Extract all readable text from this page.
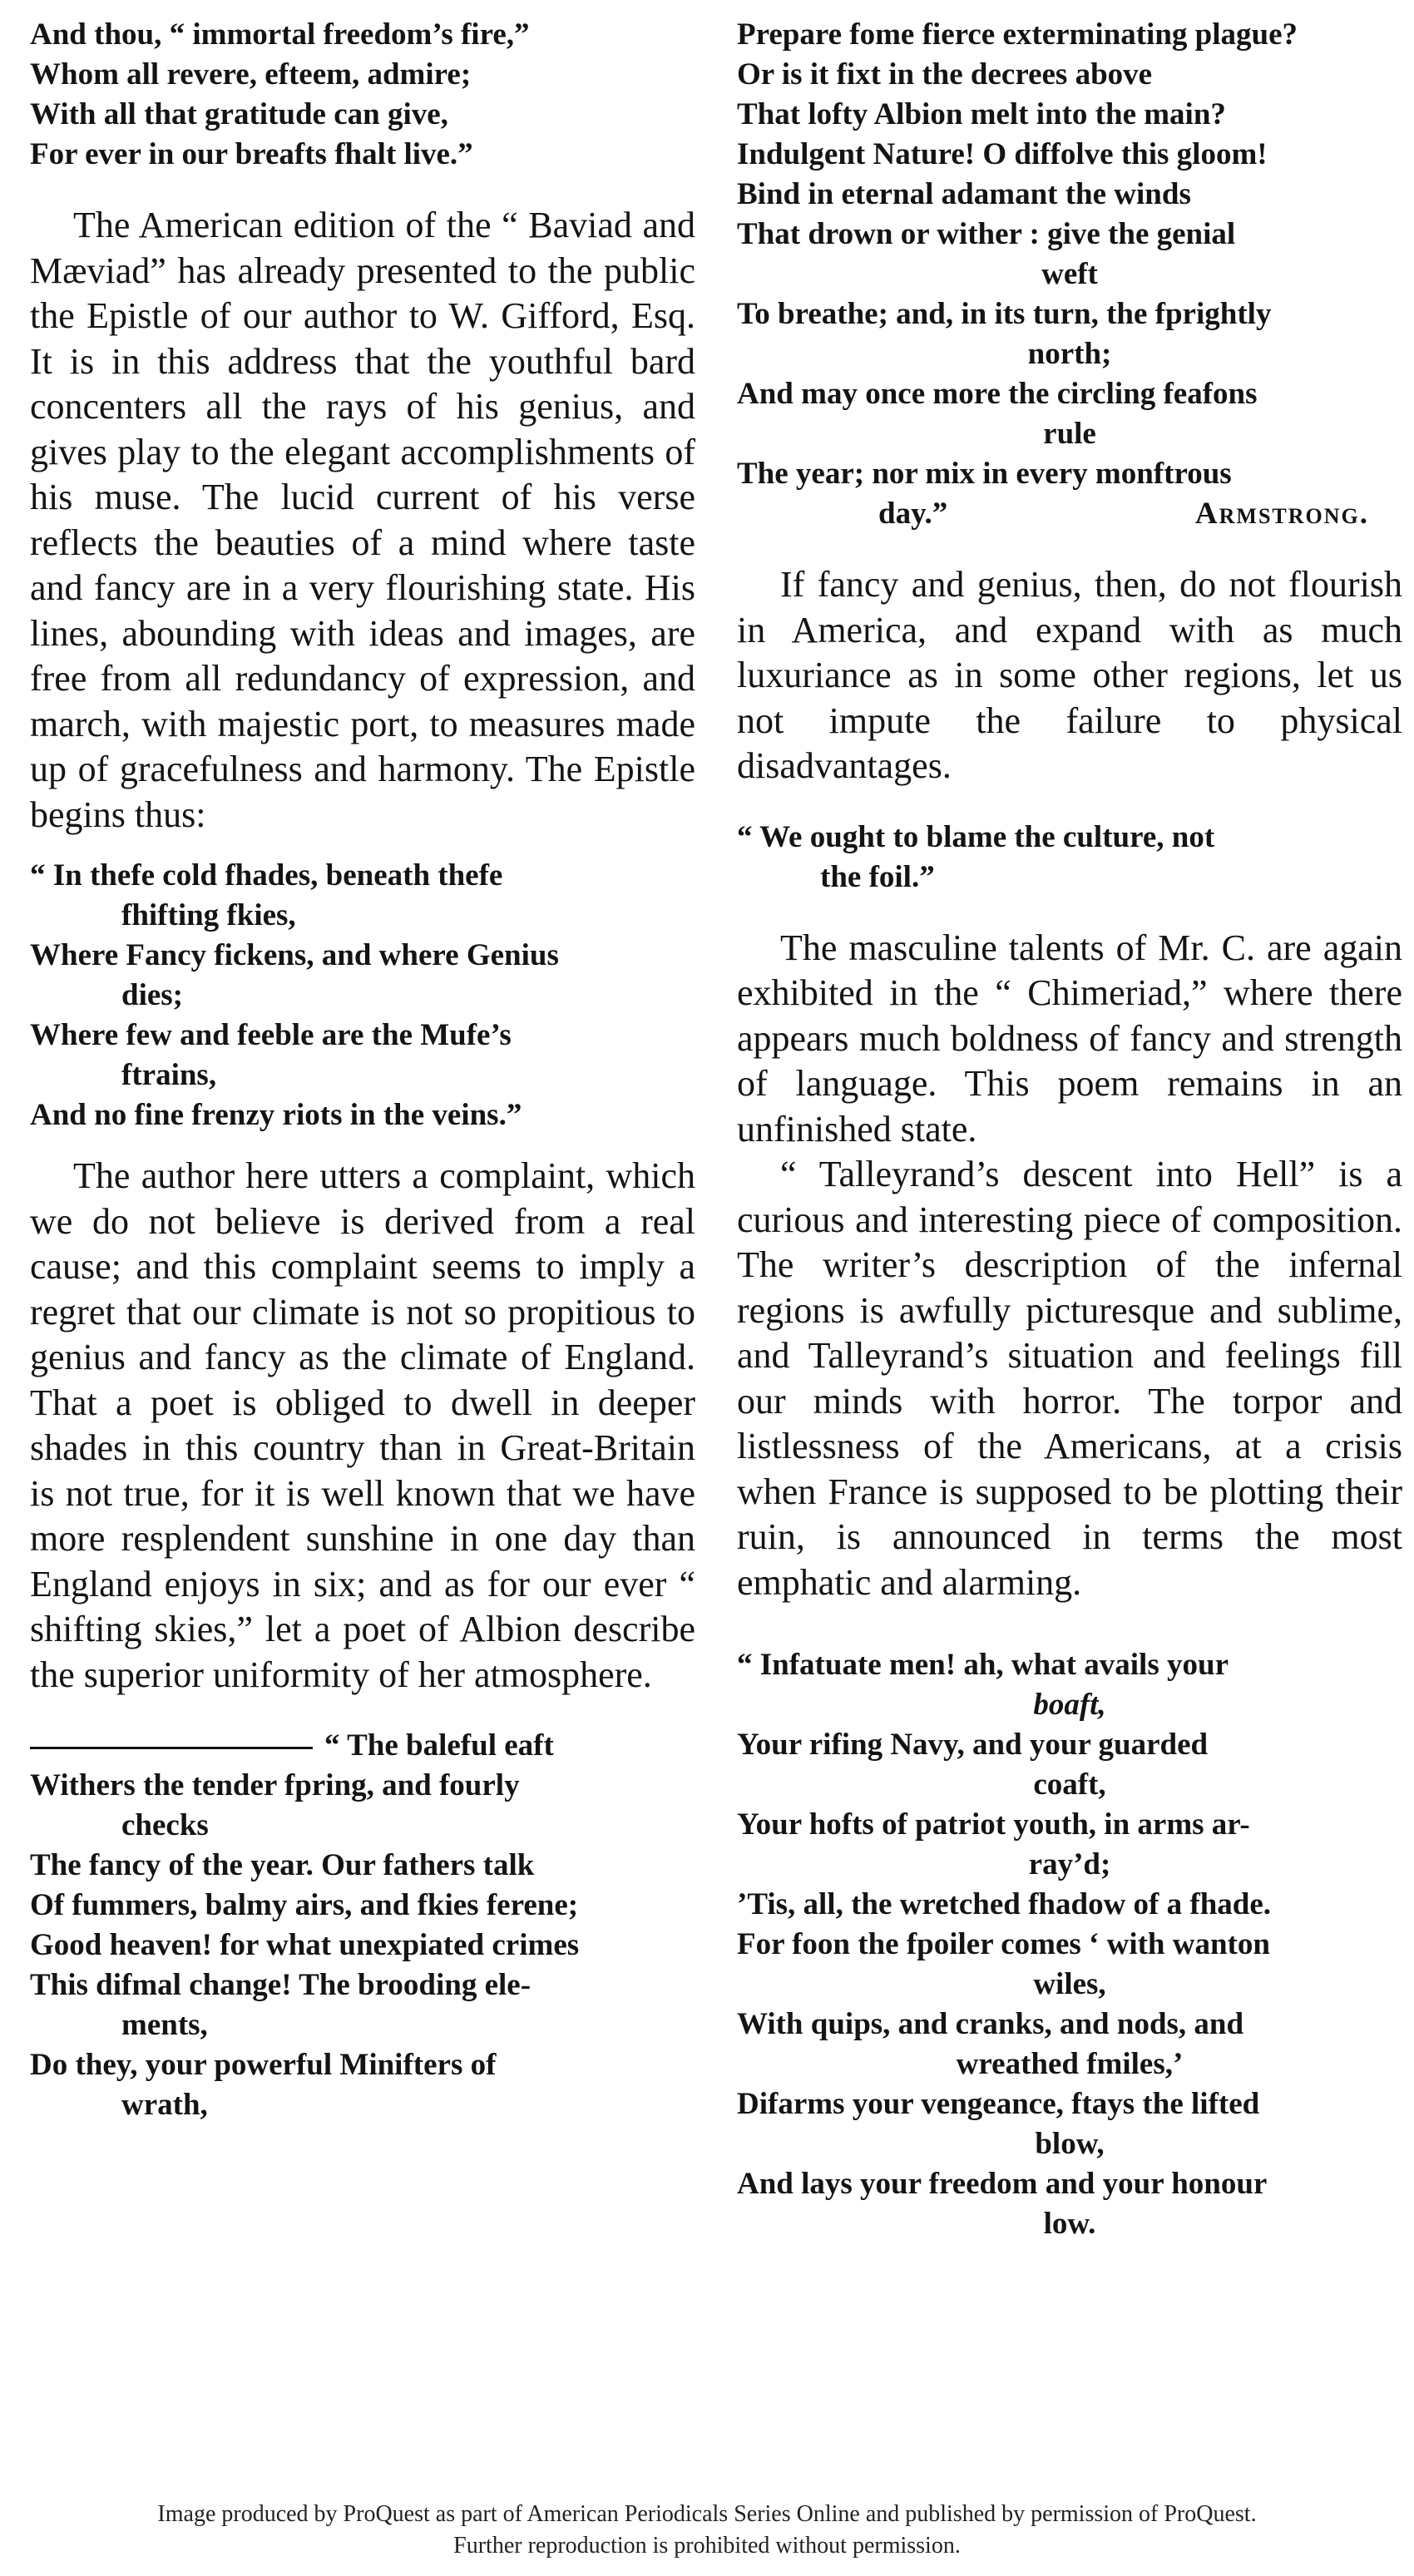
And thou, “ immortal freedom’s fire,”
Whom all revere, efteem, admire;
With all that gratitude can give,
For ever in our breafts fhalt live.”

The American edition of the “ Baviad and Mæviad” has already presented to the public the Epistle of our author to W. Gifford, Esq. It is in this address that the youthful bard concenters all the rays of his genius, and gives play to the elegant accomplishments of his muse. The lucid current of his verse reflects the beauties of a mind where taste and fancy are in a very flourishing state. His lines, abounding with ideas and images, are free from all redundancy of expression, and march, with majestic port, to measures made up of gracefulness and harmony. The Epistle begins thus:

“ In thefe cold fhades, beneath thefe
fhifting fkies,
Where Fancy fickens, and where Genius
dies;
Where few and feeble are the Mufe’s
ftrains,
And no fine frenzy riots in the veins.”

The author here utters a complaint, which we do not believe is derived from a real cause; and this complaint seems to imply a regret that our climate is not so propitious to genius and fancy as the climate of England. That a poet is obliged to dwell in deeper shades in this country than in Great-Britain is not true, for it is well known that we have more resplendent sunshine in one day than England enjoys in six; and as for our ever “ shifting skies,” let a poet of Albion describe the superior uniformity of her atmosphere.

“ The baleful eaft
Withers the tender fpring, and fourly
checks
The fancy of the year. Our fathers talk
Of fummers, balmy airs, and fkies ferene;
Good heaven! for what unexpiated crimes
This difmal change! The brooding ele-
ments,
Do they, your powerful Minifters of
wrath,
Prepare fome fierce exterminating plague?
Or is it fixt in the decrees above
That lofty Albion melt into the main?
Indulgent Nature! O diffolve this gloom!
Bind in eternal adamant the winds
That drown or wither : give the genial
weft
To breathe; and, in its turn, the fprightly
north;
And may once more the circling feafons
rule
The year; nor mix in every monftrous
day.”	Armstrong.

If fancy and genius, then, do not flourish in America, and expand with as much luxuriance as in some other regions, let us not impute the failure to physical disadvantages.

“ We ought to blame the culture, not
the foil.”

The masculine talents of Mr. C. are again exhibited in the “ Chimeriad,” where there appears much boldness of fancy and strength of language. This poem remains in an unfinished state.

“ Talleyrand’s descent into Hell” is a curious and interesting piece of composition. The writer’s description of the infernal regions is awfully picturesque and sublime, and Talleyrand’s situation and feelings fill our minds with horror. The torpor and listlessness of the Americans, at a crisis when France is supposed to be plotting their ruin, is announced in terms the most emphatic and alarming.

“ Infatuate men! ah, what avails your
boaft,
Your rifing Navy, and your guarded
coaft,
Your hofts of patriot youth, in arms ar-
ray’d;
’Tis, all, the wretched fhadow of a fhade.
For foon the fpoiler comes ‘ with wanton
wiles,
With quips, and cranks, and nods, and
wreathed fmiles,’
Difarms your vengeance, ftays the lifted
blow,
And lays your freedom and your honour
low.
Image produced by ProQuest as part of American Periodicals Series Online and published by permission of ProQuest.
Further reproduction is prohibited without permission.
